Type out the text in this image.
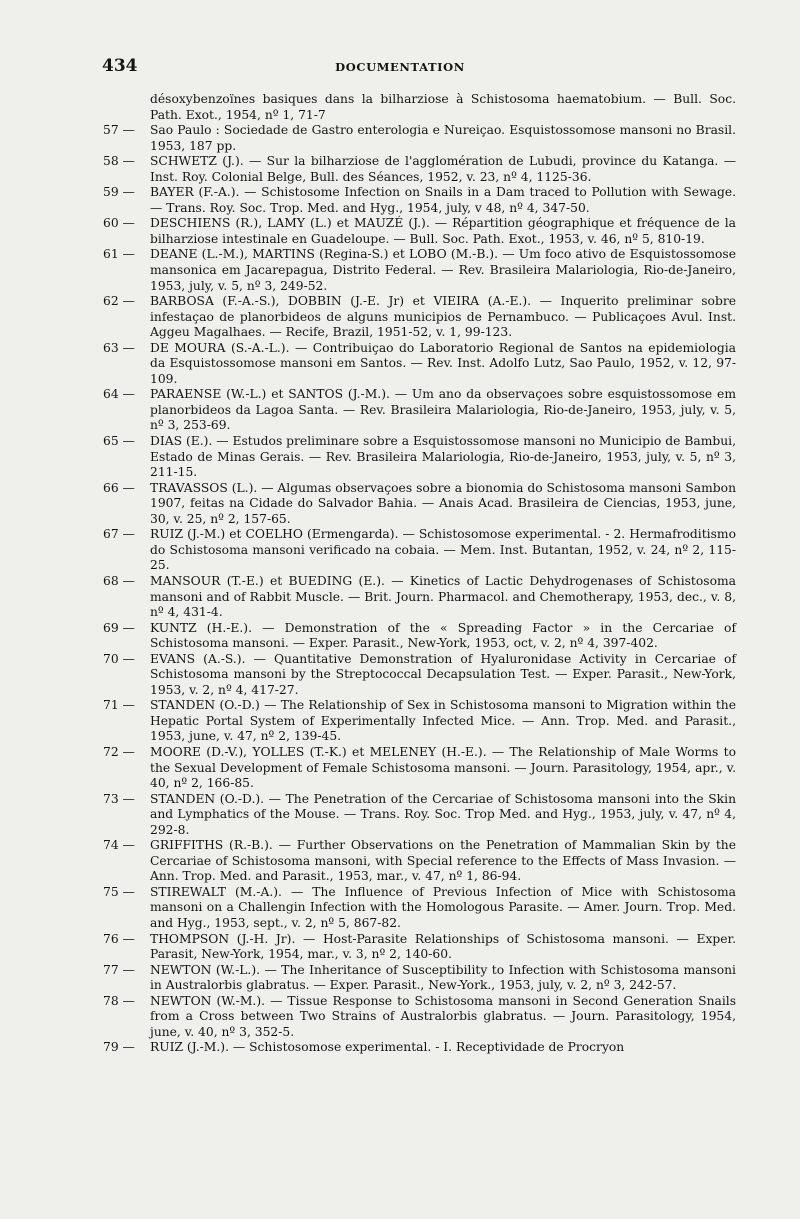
434	DOCUMENTATION
désoxybenzoïnes basiques dans la bilharziose à Schistosoma haematobium. — Bull. Soc. Path. Exot., 1954, nº 1, 71-7
57 —	Sao Paulo : Sociedade de Gastro enterologia e Nureiçao. Esquistossomose mansoni no Brasil. 1953, 187 pp.
58 —	SCHWETZ (J.). — Sur la bilharziose de l'agglomération de Lubudi, province du Katanga. — Inst. Roy. Colonial Belge, Bull. des Séances, 1952, v. 23, nº 4, 1125-36.
59 —	BAYER (F.-A.). — Schistosome Infection on Snails in a Dam traced to Pollution with Sewage. — Trans. Roy. Soc. Trop. Med. and Hyg., 1954, july, v 48, nº 4, 347-50.
60 —	DESCHIENS (R.), LAMY (L.) et MAUZÉ (J.). — Répartition géographique et fréquence de la bilharziose intestinale en Guadeloupe. — Bull. Soc. Path. Exot., 1953, v. 46, nº 5, 810-19.
61 —	DEANE (L.-M.), MARTINS (Regina-S.) et LOBO (M.-B.). — Um foco ativo de Esquistossomose mansonica em Jacarepagua, Distrito Federal. — Rev. Brasileira Malariologia, Rio-de-Janeiro, 1953, july, v. 5, nº 3, 249-52.
62 —	BARBOSA (F.-A.-S.), DOBBIN (J.-E. Jr) et VIEIRA (A.-E.). — Inquerito preliminar sobre infestaçao de planorbideos de alguns municipios de Pernambuco. — Publicaçoes Avul. Inst. Aggeu Magalhaes. — Recife, Brazil, 1951-52, v. 1, 99-123.
63 —	DE MOURA (S.-A.-L.). — Contribuiçao do Laboratorio Regional de Santos na epidemiologia da Esquistossomose mansoni em Santos. — Rev. Inst. Adolfo Lutz, Sao Paulo, 1952, v. 12, 97-109.
64 —	PARAENSE (W.-L.) et SANTOS (J.-M.). — Um ano da observaçoes sobre esquistossomose em planorbideos da Lagoa Santa. — Rev. Brasileira Malariologia, Rio-de-Janeiro, 1953, july, v. 5, nº 3, 253-69.
65 —	DIAS (E.). — Estudos preliminare sobre a Esquistossomose mansoni no Municipio de Bambui, Estado de Minas Gerais. — Rev. Brasileira Malariologia, Rio-de-Janeiro, 1953, july, v. 5, nº 3, 211-15.
66 —	TRAVASSOS (L.). — Algumas observaçoes sobre a bionomia do Schistosoma mansoni Sambon 1907, feitas na Cidade do Salvador Bahia. — Anais Acad. Brasileira de Ciencias, 1953, june, 30, v. 25, nº 2, 157-65.
67 —	RUIZ (J.-M.) et COELHO (Ermengarda). — Schistosomose experimental. - 2. Hermafroditismo do Schistosoma mansoni verificado na cobaia. — Mem. Inst. Butantan, 1952, v. 24, nº 2, 115-25.
68 —	MANSOUR (T.-E.) et BUEDING (E.). — Kinetics of Lactic Dehydrogenases of Schistosoma mansoni and of Rabbit Muscle. — Brit. Journ. Pharmacol. and Chemotherapy, 1953, dec., v. 8, nº 4, 431-4.
69 —	KUNTZ (H.-E.). — Demonstration of the « Spreading Factor » in the Cercariae of Schistosoma mansoni. — Exper. Parasit., New-York, 1953, oct, v. 2, nº 4, 397-402.
70 —	EVANS (A.-S.). — Quantitative Demonstration of Hyaluronidase Activity in Cercariae of Schistosoma mansoni by the Streptococcal Decapsulation Test. — Exper. Parasit., New-York, 1953, v. 2, nº 4, 417-27.
71 —	STANDEN (O.-D.) — The Relationship of Sex in Schistosoma mansoni to Migration within the Hepatic Portal System of Experimentally Infected Mice. — Ann. Trop. Med. and Parasit., 1953, june, v. 47, nº 2, 139-45.
72 —	MOORE (D.-V.), YOLLES (T.-K.) et MELENEY (H.-E.). — The Relationship of Male Worms to the Sexual Development of Female Schistosoma mansoni. — Journ. Parasitology, 1954, apr., v. 40, nº 2, 166-85.
73 —	STANDEN (O.-D.). — The Penetration of the Cercariae of Schistosoma mansoni into the Skin and Lymphatics of the Mouse. — Trans. Roy. Soc. Trop Med. and Hyg., 1953, july, v. 47, nº 4, 292-8.
74 —	GRIFFITHS (R.-B.). — Further Observations on the Penetration of Mammalian Skin by the Cercariae of Schistosoma mansoni, with Special reference to the Effects of Mass Invasion. — Ann. Trop. Med. and Parasit., 1953, mar., v. 47, nº 1, 86-94.
75 —	STIREWALT (M.-A.). — The Influence of Previous Infection of Mice with Schistosoma mansoni on a Challengin Infection with the Homologous Parasite. — Amer. Journ. Trop. Med. and Hyg., 1953, sept., v. 2, nº 5, 867-82.
76 —	THOMPSON (J.-H. Jr). — Host-Parasite Relationships of Schistosoma mansoni. — Exper. Parasit, New-York, 1954, mar., v. 3, nº 2, 140-60.
77 —	NEWTON (W.-L.). — The Inheritance of Susceptibility to Infection with Schistosoma mansoni in Australorbis glabratus. — Exper. Parasit., New-York., 1953, july, v. 2, nº 3, 242-57.
78 —	NEWTON (W.-M.). — Tissue Response to Schistosoma mansoni in Second Generation Snails from a Cross between Two Strains of Australorbis glabratus. — Journ. Parasitology, 1954, june, v. 40, nº 3, 352-5.
79 —	RUIZ (J.-M.). — Schistosomose experimental. - I. Receptividade de Procryon
